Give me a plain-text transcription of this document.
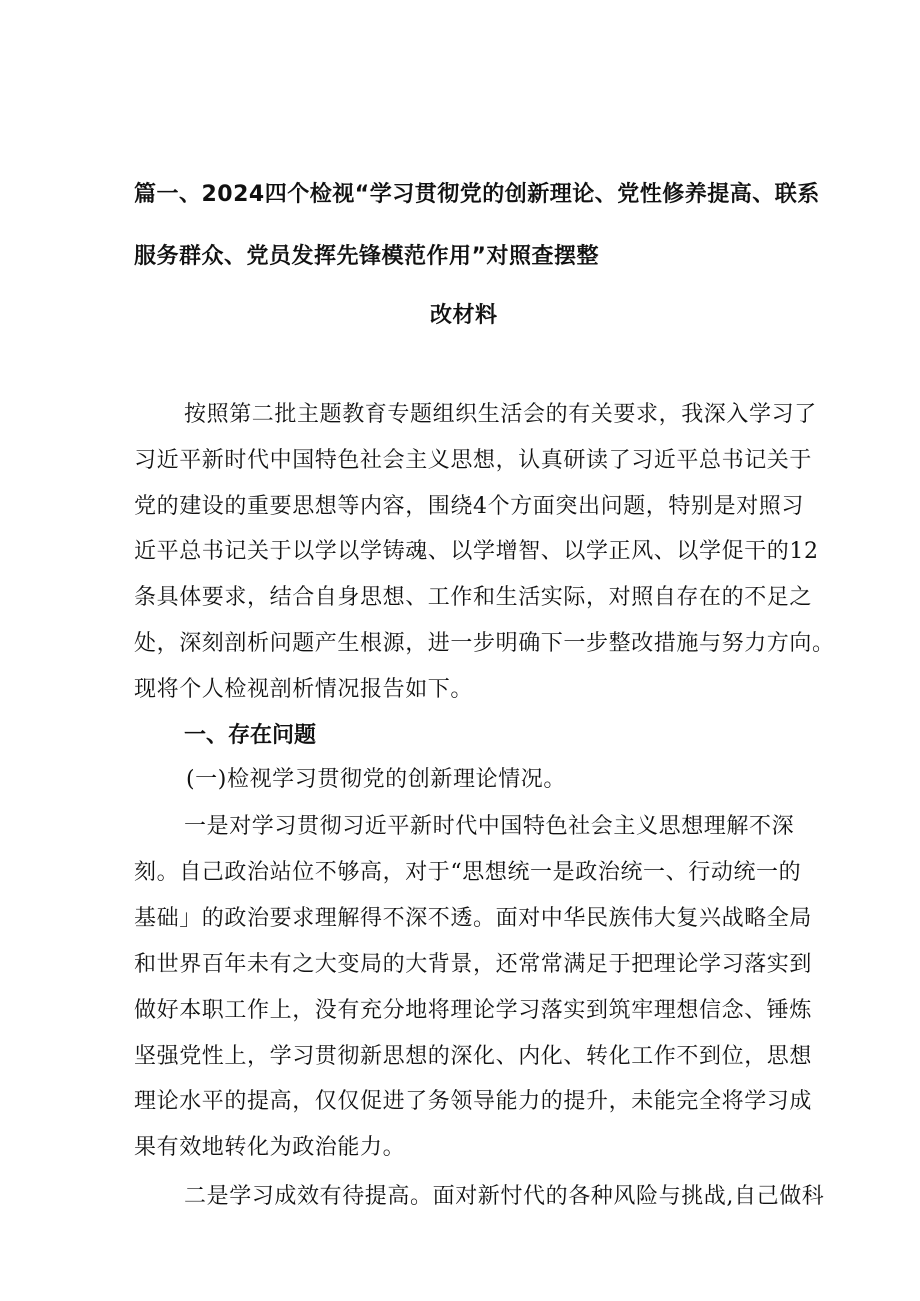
篇一、2024四个检视“学习贯彻党的创新理论、党性修养提高、联系
服务群众、党员发挥先锋模范作用”对照查摆整
改材料
按照第二批主题教育专题组织生活会的有关要求，我深入学习了
习近平新时代中国特色社会主义思想，认真研读了习近平总书记关于
党的建设的重要思想等内容，围绕4个方面突出问题，特别是对照习
近平总书记关于以学以学铸魂、以学增智、以学正风、以学促干的12
条具体要求，结合自身思想、工作和生活实际，对照自存在的不足之
处，深刻剖析问题产生根源，进一步明确下一步整改措施与努力方向。
现将个人检视剖析情况报告如下。
一、存在问题
(一)检视学习贯彻党的创新理论情况。
一是对学习贯彻习近平新时代中国特色社会主义思想理解不深
刻。自己政治站位不够高，对于“思想统一是政治统一、行动统一的
基础」的政治要求理解得不深不透。面对中华民族伟大复兴战略全局
和世界百年未有之大变局的大背景，还常常满足于把理论学习落实到
做好本职工作上，没有充分地将理论学习落实到筑牢理想信念、锤炼
坚强党性上，学习贯彻新思想的深化、内化、转化工作不到位，思想
理论水平的提高，仅仅促进了务领导能力的提升，未能完全将学习成
果有效地转化为政治能力。
二是学习成效有待提高。面对新忖代的各种风险与挑战,自己做科
